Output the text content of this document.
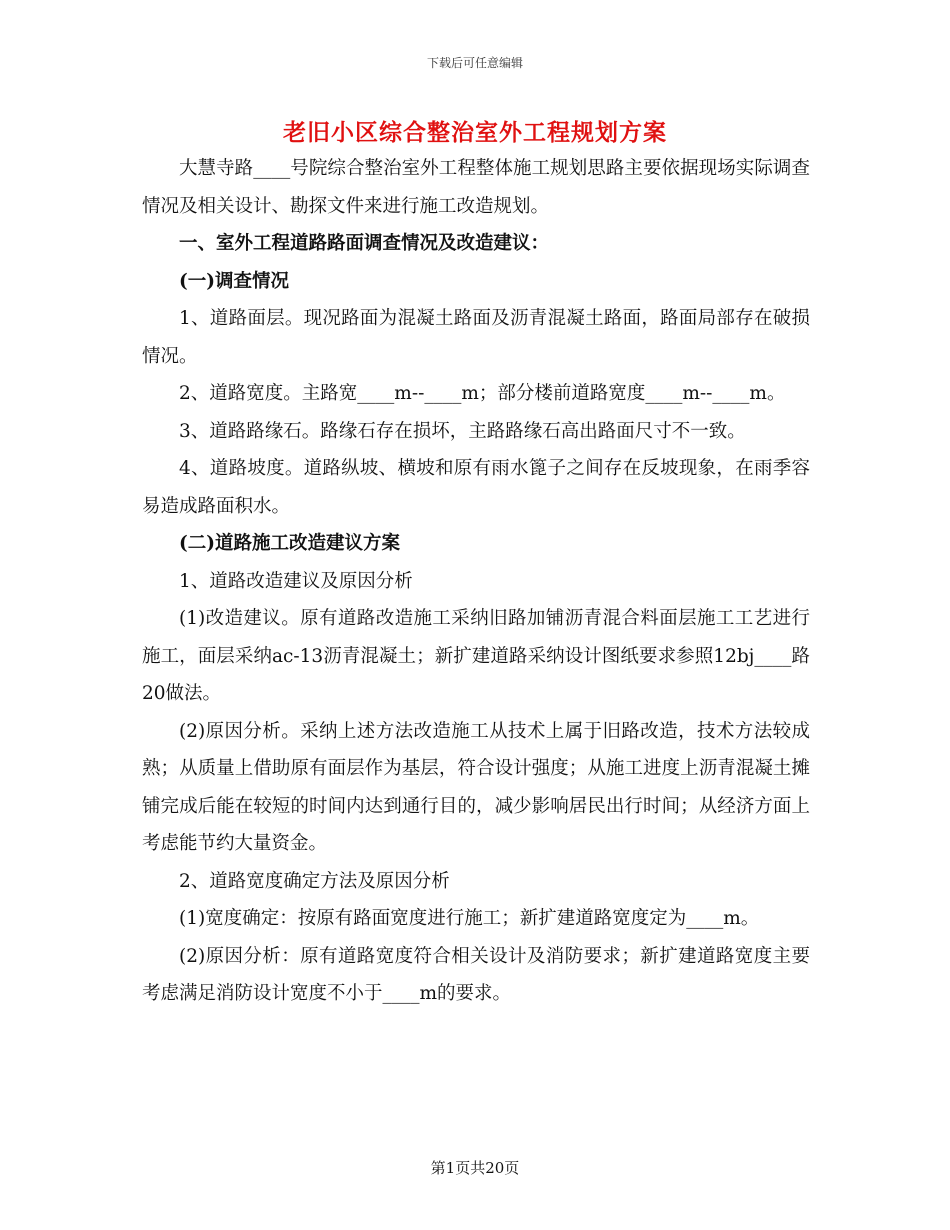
下载后可任意编辑
老旧小区综合整治室外工程规划方案

大慧寺路____号院综合整治室外工程整体施工规划思路主要依据现场实际调查情况及相关设计、勘探文件来进行施工改造规划。

一、室外工程道路路面调查情况及改造建议：

(一)调查情况

1、道路面层。现况路面为混凝土路面及沥青混凝土路面，路面局部存在破损情况。

2、道路宽度。主路宽____m--____m；部分楼前道路宽度____m--____m。

3、道路路缘石。路缘石存在损坏，主路路缘石高出路面尺寸不一致。

4、道路坡度。道路纵坡、横坡和原有雨水篦子之间存在反坡现象，在雨季容易造成路面积水。

(二)道路施工改造建议方案

1、道路改造建议及原因分析

(1)改造建议。原有道路改造施工采纳旧路加铺沥青混合料面层施工工艺进行施工，面层采纳ac-13沥青混凝土；新扩建道路采纳设计图纸要求参照12bj____路20做法。

(2)原因分析。采纳上述方法改造施工从技术上属于旧路改造，技术方法较成熟；从质量上借助原有面层作为基层，符合设计强度；从施工进度上沥青混凝土摊铺完成后能在较短的时间内达到通行目的，减少影响居民出行时间；从经济方面上考虑能节约大量资金。

2、道路宽度确定方法及原因分析

(1)宽度确定：按原有路面宽度进行施工；新扩建道路宽度定为____m。

(2)原因分析：原有道路宽度符合相关设计及消防要求；新扩建道路宽度主要考虑满足消防设计宽度不小于____m的要求。

第1页共20页
